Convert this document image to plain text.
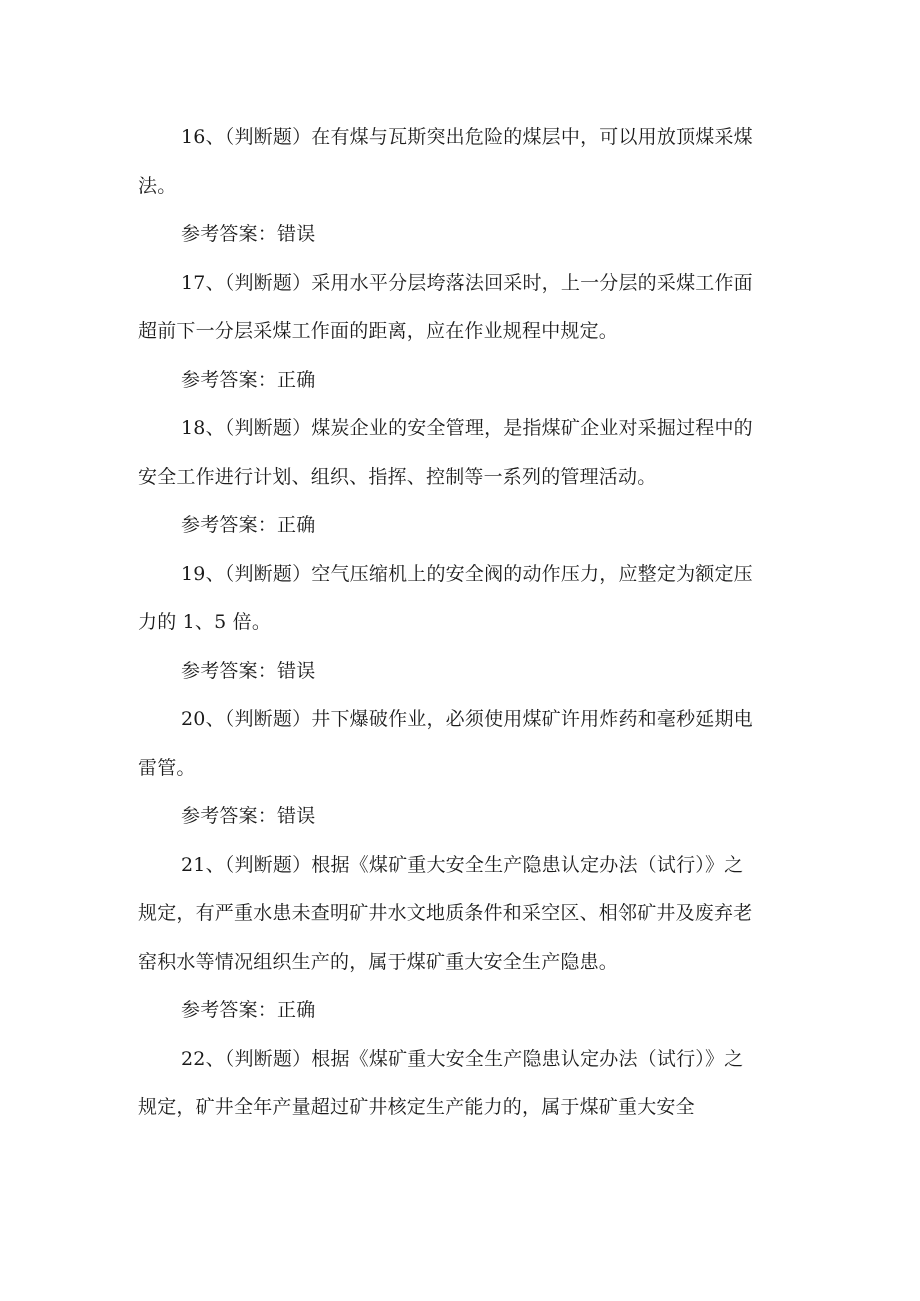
16、（判断题）在有煤与瓦斯突出危险的煤层中，可以用放顶煤采煤
法。
参考答案：错误
17、（判断题）采用水平分层垮落法回采时，上一分层的采煤工作面
超前下一分层采煤工作面的距离，应在作业规程中规定。
参考答案：正确
18、（判断题）煤炭企业的安全管理，是指煤矿企业对采掘过程中的
安全工作进行计划、组织、指挥、控制等一系列的管理活动。
参考答案：正确
19、（判断题）空气压缩机上的安全阀的动作压力，应整定为额定压
力的 1、5 倍。
参考答案：错误
20、（判断题）井下爆破作业，必须使用煤矿许用炸药和毫秒延期电
雷管。
参考答案：错误
21、（判断题）根据《煤矿重大安全生产隐患认定办法（试行）》之
规定，有严重水患未查明矿井水文地质条件和采空区、相邻矿井及废弃老
窑积水等情况组织生产的，属于煤矿重大安全生产隐患。
参考答案：正确
22、（判断题）根据《煤矿重大安全生产隐患认定办法（试行）》之
规定，矿井全年产量超过矿井核定生产能力的，属于煤矿重大安全
